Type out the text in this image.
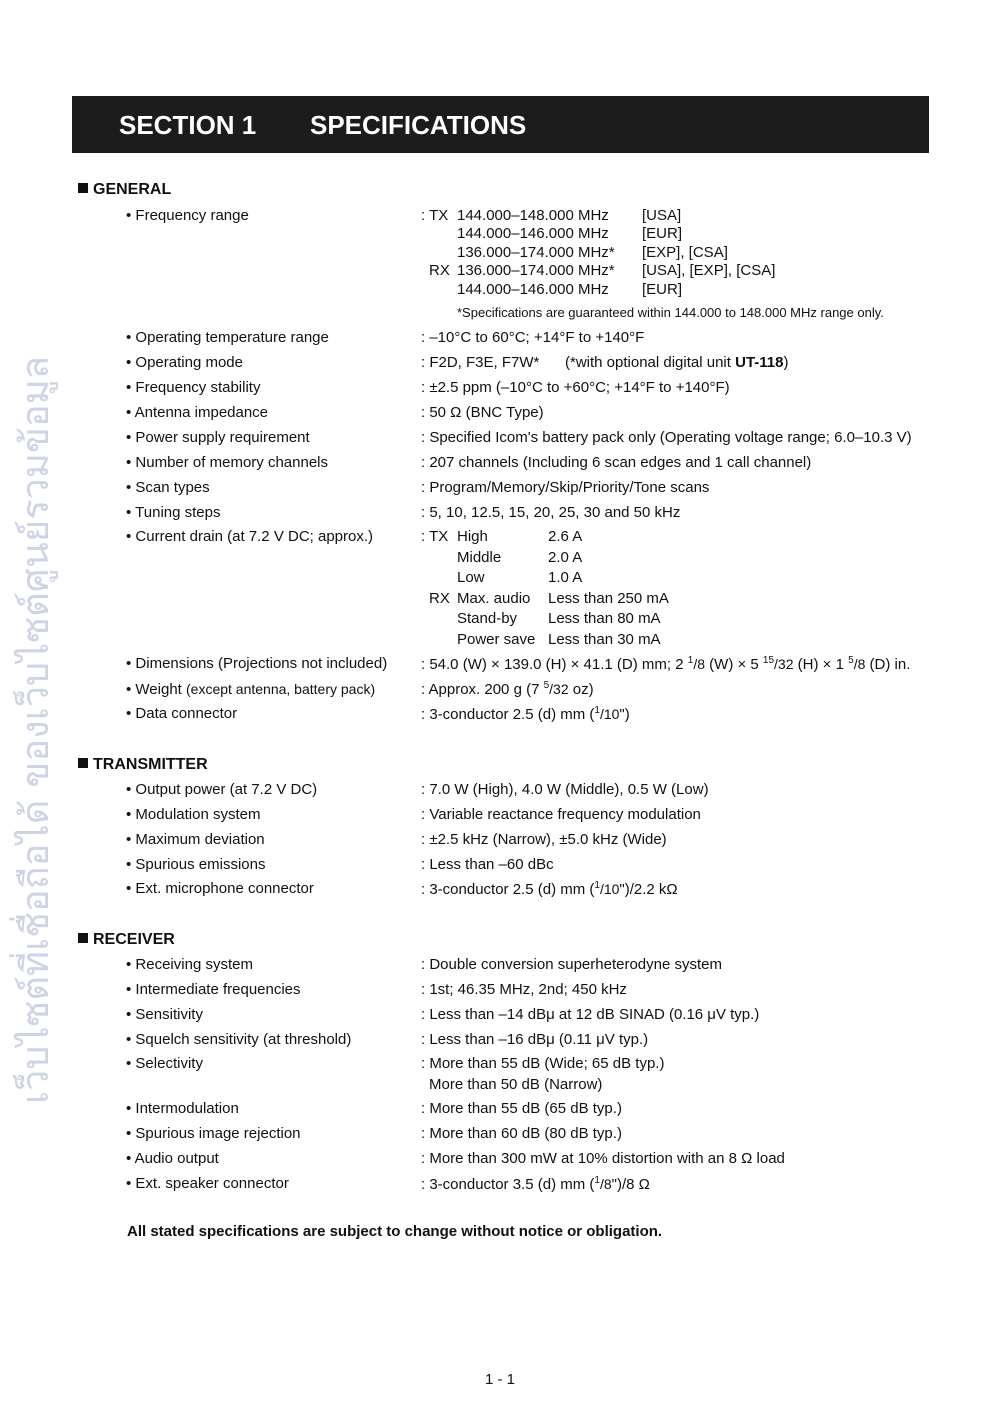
เว็บไซต์ที่เชื่อถือได้ ของเว็บไซต์ศูนย์รวมข้อมูล
SECTION 1 SPECIFICATIONS
GENERAL
• Frequency range	: TX 144.000–148.000 MHz [USA]
144.000–146.000 MHz [EUR]
136.000–174.000 MHz* [EXP], [CSA]
RX 136.000–174.000 MHz* [USA], [EXP], [CSA]
144.000–146.000 MHz [EUR]
*Specifications are guaranteed within 144.000 to 148.000 MHz range only.
• Operating temperature range	: –10°C to 60°C; +14°F to +140°F
• Operating mode	: F2D, F3E, F7W* (*with optional digital unit UT-118)
• Frequency stability	: ±2.5 ppm (–10°C to +60°C; +14°F to +140°F)
• Antenna impedance	: 50 Ω (BNC Type)
• Power supply requirement	: Specified Icom's battery pack only (Operating voltage range; 6.0–10.3 V)
• Number of memory channels	: 207 channels (Including 6 scan edges and 1 call channel)
• Scan types	: Program/Memory/Skip/Priority/Tone scans
• Tuning steps	: 5, 10, 12.5, 15, 20, 25, 30 and 50 kHz
• Current drain (at 7.2 V DC; approx.)	: TX High	2.6 A
Middle	2.0 A
Low	1.0 A
RX Max. audio Less than 250 mA
Stand-by Less than 80 mA
Power save Less than 30 mA
• Dimensions (Projections not included) : 54.0 (W) × 139.0 (H) × 41.1 (D) mm; 2 $^1$/8 (W) × 5 $^{15}$/32 (H) × 1 $^5$/8 (D) in.
• Weight (except antenna, battery pack)	: Approx. 200 g (7 $^5$/32 oz)
• Data connector	: 3-conductor 2.5 (d) mm ($^1$/10")
TRANSMITTER
• Output power (at 7.2 V DC)	: 7.0 W (High), 4.0 W (Middle), 0.5 W (Low)
• Modulation system	: Variable reactance frequency modulation
• Maximum deviation	: ±2.5 kHz (Narrow), ±5.0 kHz (Wide)
• Spurious emissions	: Less than –60 dBc
• Ext. microphone connector	: 3-conductor 2.5 (d) mm ($^1$/10")/2.2 kΩ
RECEIVER
• Receiving system	: Double conversion superheterodyne system
• Intermediate frequencies	: 1st; 46.35 MHz, 2nd; 450 kHz
• Sensitivity	: Less than –14 dBμ at 12 dB SINAD (0.16 μV typ.)
• Squelch sensitivity (at threshold)	: Less than –16 dBμ (0.11 μV typ.)
• Selectivity	: More than 55 dB (Wide; 65 dB typ.)
More than 50 dB (Narrow)
• Intermodulation	: More than 55 dB (65 dB typ.)
• Spurious image rejection	: More than 60 dB (80 dB typ.)
• Audio output	: More than 300 mW at 10% distortion with an 8 Ω load
• Ext. speaker connector	: 3-conductor 3.5 (d) mm ($^1$/8")/8 Ω
All stated specifications are subject to change without notice or obligation.
1 - 1
